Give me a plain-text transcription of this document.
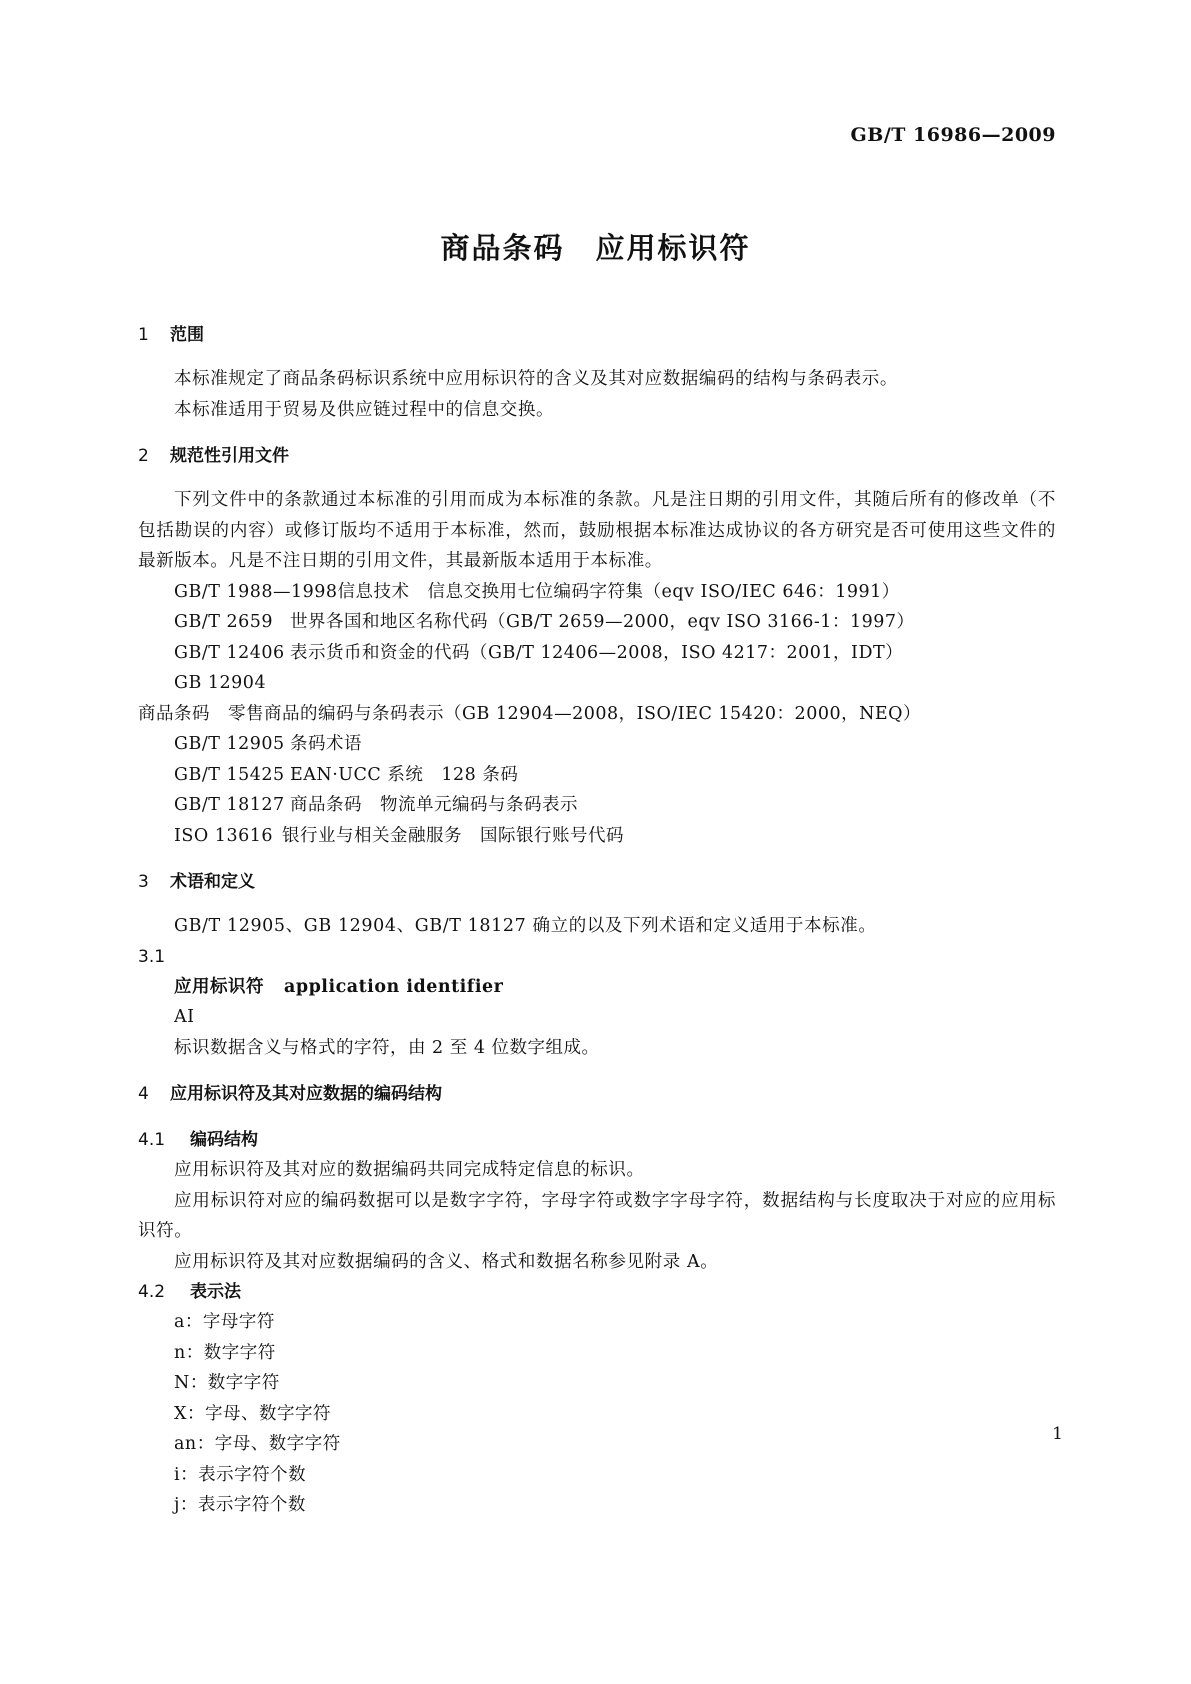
GB/T 16986—2009
商品条码　应用标识符

1 范围

本标准规定了商品条码标识系统中应用标识符的含义及其对应数据编码的结构与条码表示。

本标准适用于贸易及供应链过程中的信息交换。

2 规范性引用文件

下列文件中的条款通过本标准的引用而成为本标准的条款。凡是注日期的引用文件，其随后所有的修改单（不包括勘误的内容）或修订版均不适用于本标准，然而，鼓励根据本标准达成协议的各方研究是否可使用这些文件的最新版本。凡是不注日期的引用文件，其最新版本适用于本标准。

GB/T 1988—1998信息技术　信息交换用七位编码字符集（eqv ISO/IEC 646：1991）

GB/T 2659 世界各国和地区名称代码（GB/T 2659—2000，eqv ISO 3166-1：1997）

GB/T 12406 表示货币和资金的代码（GB/T 12406—2008，ISO 4217：2001，IDT）

GB 12904商品条码　零售商品的编码与条码表示（GB 12904—2008，ISO/IEC 15420：2000，NEQ）

GB/T 12905 条码术语

GB/T 15425 EAN·UCC 系统　128 条码

GB/T 18127 商品条码　物流单元编码与条码表示

ISO 13616 银行业与相关金融服务　国际银行账号代码

3 术语和定义

GB/T 12905、GB 12904、GB/T 18127 确立的以及下列术语和定义适用于本标准。

3.1

应用标识符 application identifier

AI

标识数据含义与格式的字符，由 2 至 4 位数字组成。

4 应用标识符及其对应数据的编码结构

4.1 编码结构

应用标识符及其对应的数据编码共同完成特定信息的标识。

应用标识符对应的编码数据可以是数字字符，字母字符或数字字母字符，数据结构与长度取决于对应的应用标识符。

应用标识符及其对应数据编码的含义、格式和数据名称参见附录 A。

4.2 表示法

a：字母字符

n：数字字符

N：数字字符

X：字母、数字字符

an：字母、数字字符

i：表示字符个数

j：表示字符个数

1
